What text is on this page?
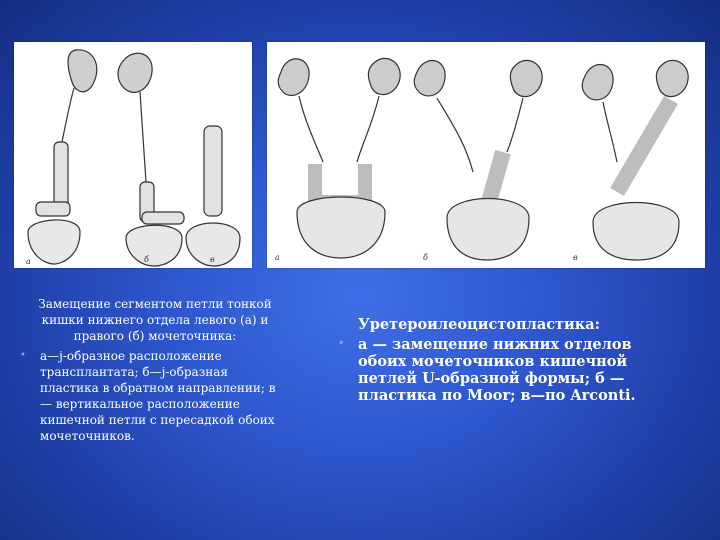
а	б	в	а	б	в
Замещение сегментом петли тонкой кишки нижнего отдела левого (а) и правого (б) мочеточника:
•	а—j-образное расположение трансплантата; б—j-образная пластика в обратном направлении; в — вертикальное расположение кишечной петли с пересадкой обоих мочеточников.
Уретероилеоцистопластика:
• а — замещение нижних отделов обоих мочеточников кишечной петлей U-образной формы; б — пластика по Moor; в—по Arconti.
